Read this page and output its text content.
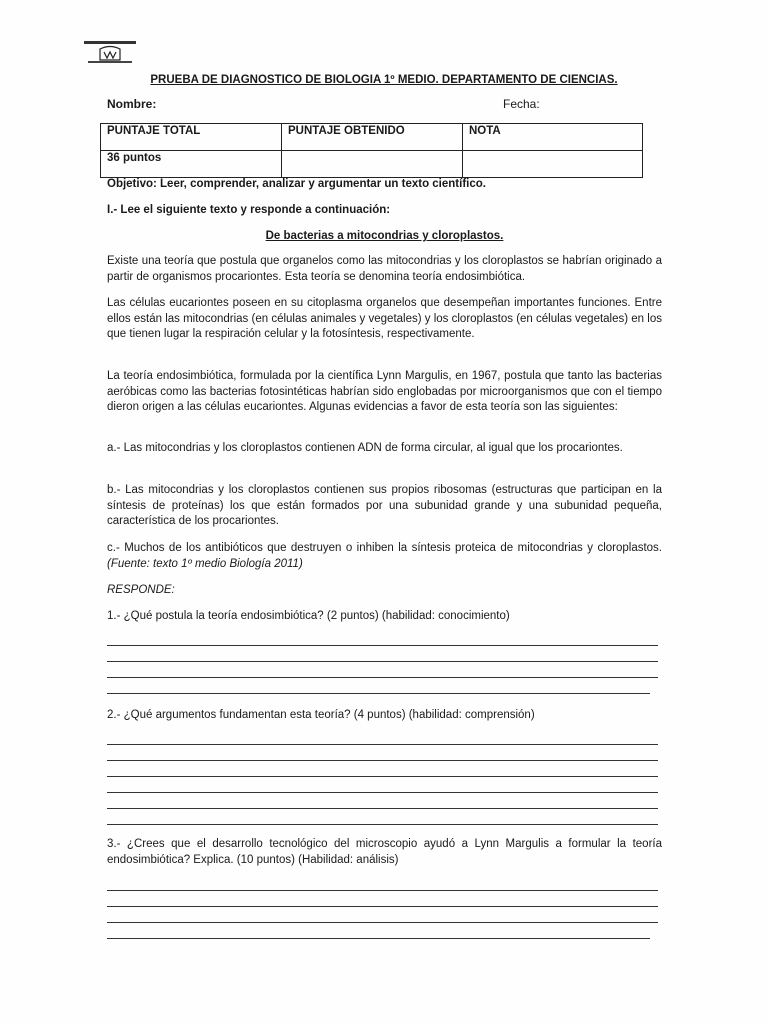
PRUEBA DE DIAGNOSTICO DE BIOLOGIA 1º MEDIO. DEPARTAMENTO DE CIENCIAS.
Nombre:	Fecha:
PUNTAJE TOTAL	PUNTAJE OBTENIDO	NOTA
36 puntos		
Objetivo: Leer, comprender, analizar y argumentar un texto científico.
I.- Lee el siguiente texto y responde a continuación:
De bacterias a mitocondrias y cloroplastos.
Existe una teoría que postula que organelos como las mitocondrias y los cloroplastos se habrían originado a partir de organismos procariontes. Esta teoría se denomina teoría endosimbiótica.
Las células eucariontes poseen en su citoplasma organelos que desempeñan importantes funciones. Entre ellos están las mitocondrias (en células animales y vegetales) y los cloroplastos (en células vegetales) en los que tienen lugar la respiración celular y la fotosíntesis, respectivamente.
La teoría endosimbiótica, formulada por la científica Lynn Margulis, en 1967, postula que tanto las bacterias aeróbicas como las bacterias fotosintéticas habrían sido englobadas por microorganismos que con el tiempo dieron origen a las células eucariontes. Algunas evidencias a favor de esta teoría son las siguientes:
a.- Las mitocondrias y los cloroplastos contienen ADN de forma circular, al igual que los procariontes.
b.- Las mitocondrias y los cloroplastos contienen sus propios ribosomas (estructuras que participan en la síntesis de proteínas) los que están formados por una subunidad grande y una subunidad pequeña, característica de los procariontes.
c.- Muchos de los antibióticos que destruyen o inhiben la síntesis proteica de mitocondrias y cloroplastos. (Fuente: texto 1º medio Biología 2011)
RESPONDE:
1.- ¿Qué postula la teoría endosimbiótica? (2 puntos) (habilidad: conocimiento)
2.- ¿Qué argumentos fundamentan esta teoría? (4 puntos) (habilidad: comprensión)
3.- ¿Crees que el desarrollo tecnológico del microscopio ayudó a Lynn Margulis a formular la teoría endosimbiótica? Explica. (10 puntos) (Habilidad: análisis)
